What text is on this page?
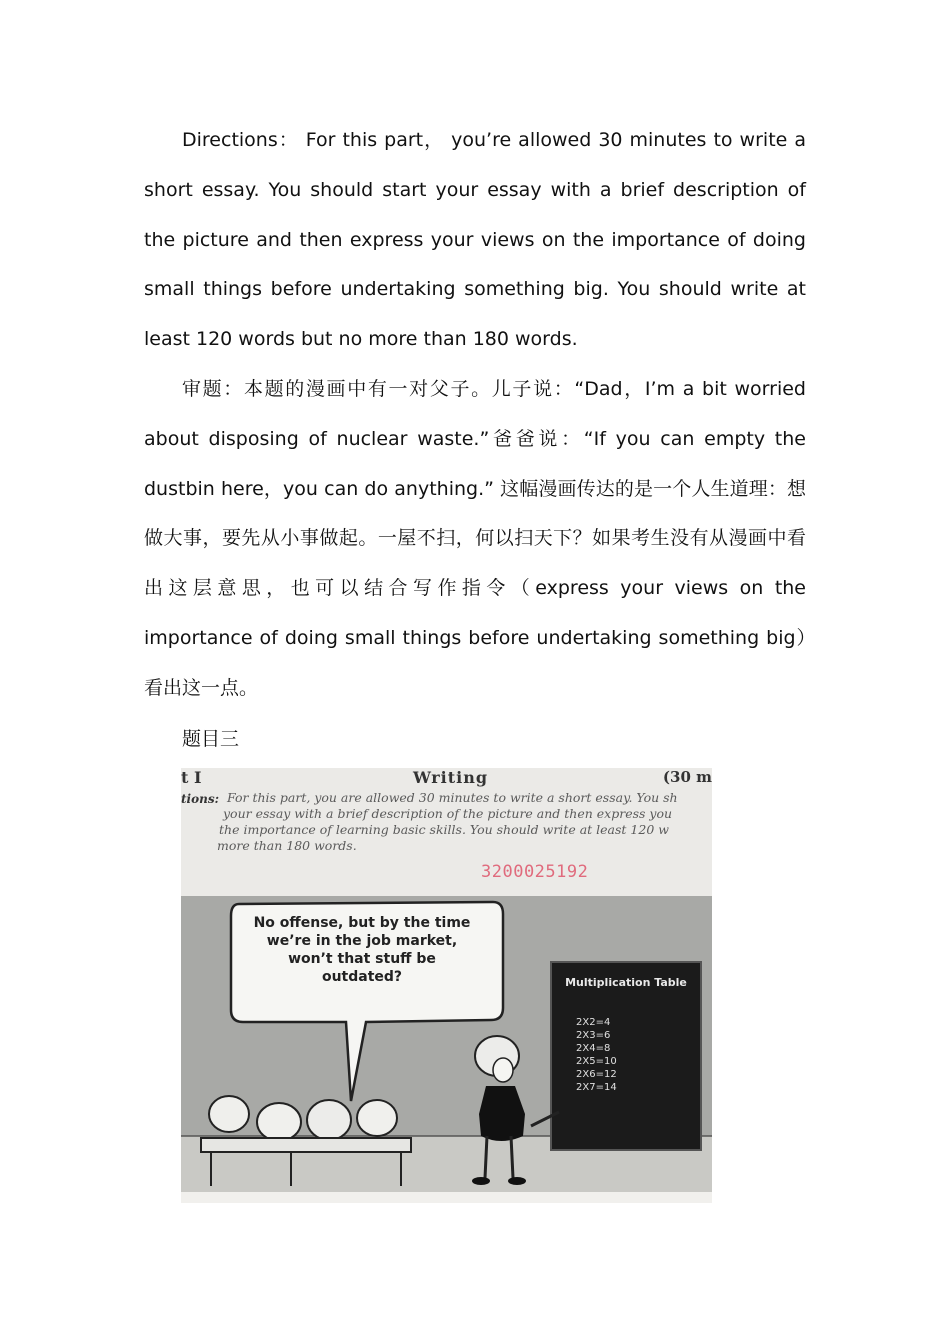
Directions： For this part， you’re allowed 30 minutes to write a short essay. You should start your essay with a brief description of the picture and then express your views on the importance of doing small things before undertaking something big. You should write at least 120 words but no more than 180 words.

审题：本题的漫画中有一对父子。儿子说：“Dad，I’m a bit worried about disposing of nuclear waste.”爸爸说：“If you can empty the dustbin here，you can do anything.” 这幅漫画传达的是一个人生道理：想做大事，要先从小事做起。一屋不扫，何以扫天下？如果考生没有从漫画中看出这层意思，也可以结合写作指令（express your views on the importance of doing small things before undertaking something big）看出这一点。

题目三
t I	Writing	(30 m
tions: For this part, you are allowed 30 minutes to write a short essay. You sh
your essay with a brief description of the picture and then express you
the importance of learning basic skills. You should write at least 120 w
more than 180 words.
3200025192
No offense, but by the time we’re in the job market, won’t that stuff be outdated?	Multiplication Table
2X2=4
2X3=6
2X4=8
2X5=10
2X6=12
2X7=14
